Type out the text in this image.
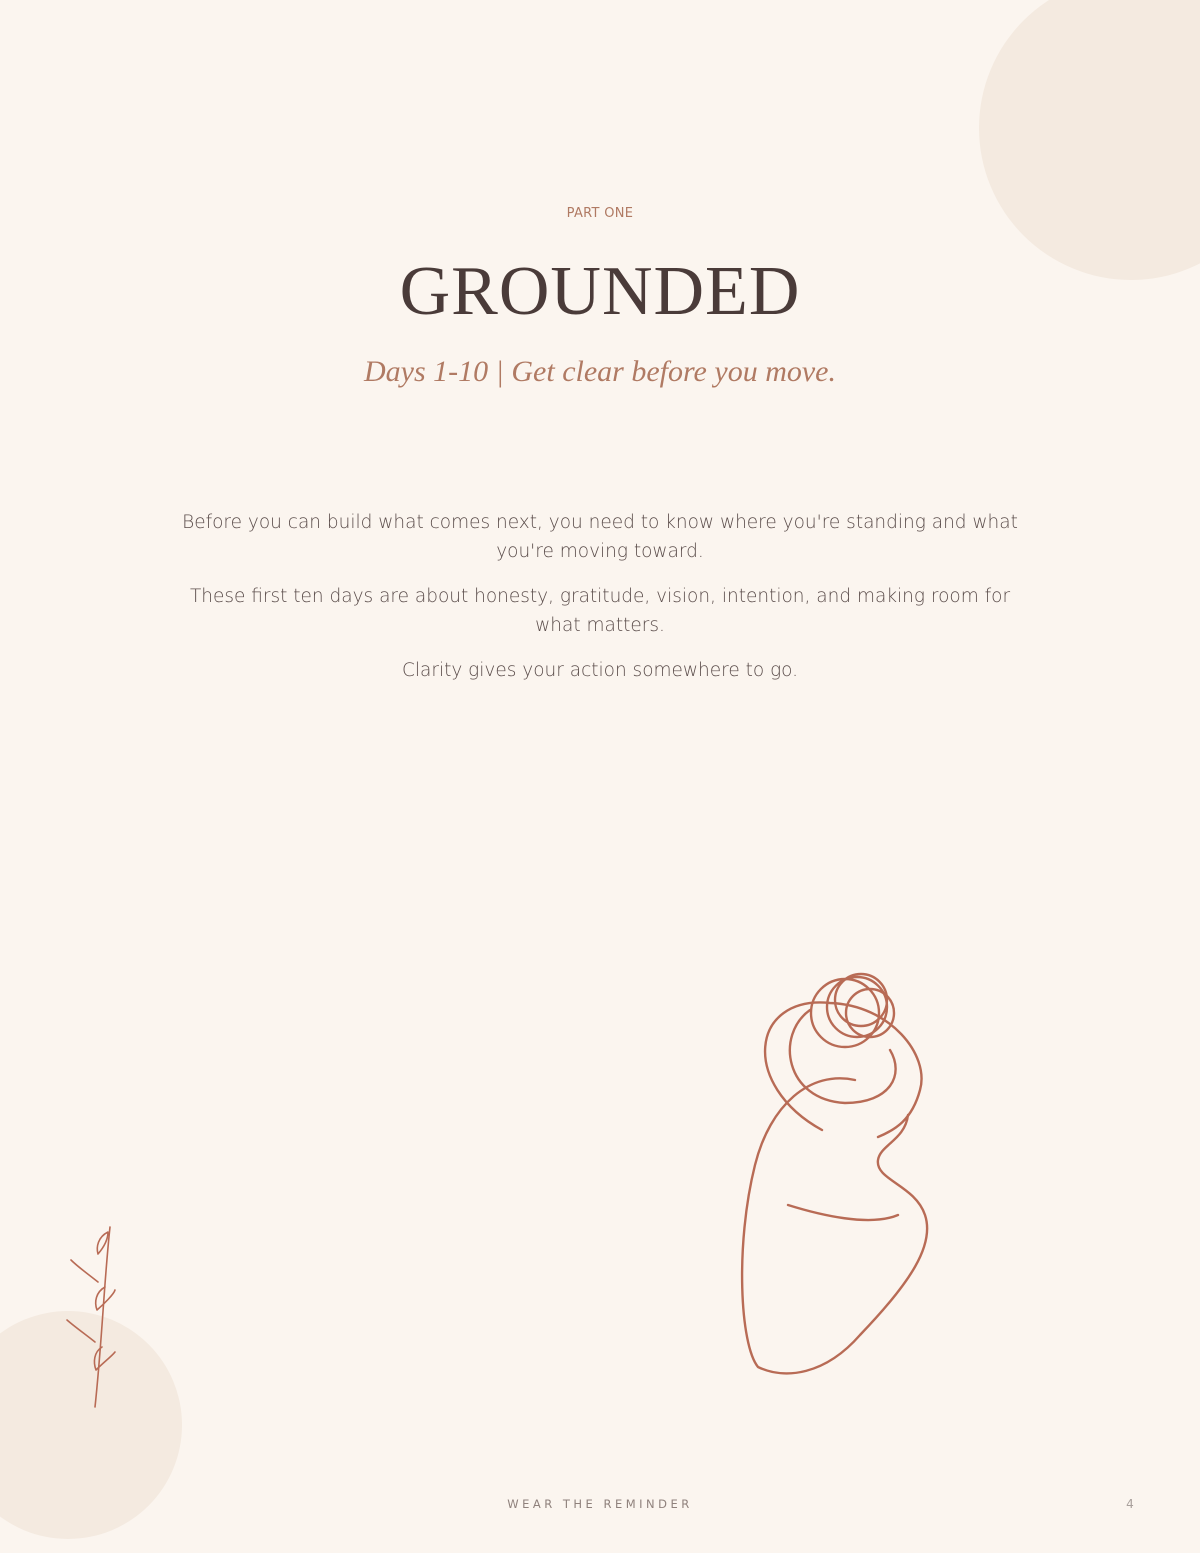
PART ONE
GROUNDED
Days 1-10 | Get clear before you move.

Before you can build what comes next, you need to know where you're standing and what you're moving toward.

These first ten days are about honesty, gratitude, vision, intention, and making room for what matters.

Clarity gives your action somewhere to go.

WEAR THE REMINDER	4
